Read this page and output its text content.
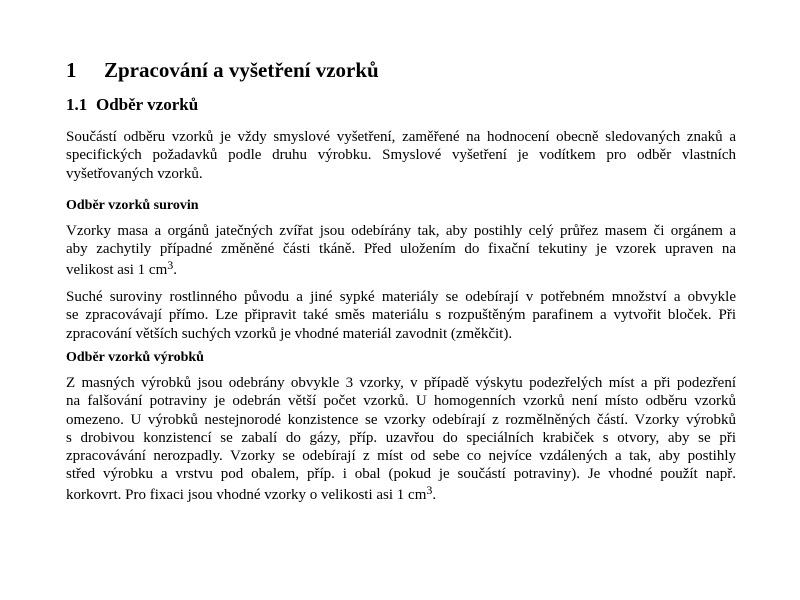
1 Zpracování a vyšetření vzorků
1.1 Odběr vzorků
Součástí odběru vzorků je vždy smyslové vyšetření, zaměřené na hodnocení obecně sledovaných znaků a
specifických požadavků podle druhu výrobku. Smyslové vyšetření je vodítkem pro odběr vlastních
vyšetřovaných vzorků.
Odběr vzorků surovin
Vzorky masa a orgánů jatečných zvířat jsou odebírány tak, aby postihly celý průřez masem či orgánem a
aby zachytily případné změněné části tkáně. Před uložením do fixační tekutiny je vzorek upraven na
velikost asi 1 $cm^3$.
Suché suroviny rostlinného původu a jiné sypké materiály se odebírají v potřebném množství a obvykle
se zpracovávají přímo. Lze připravit také směs materiálu s rozpuštěným parafinem a vytvořit bloček. Při
zpracování větších suchých vzorků je vhodné materiál zavodnit (změkčit).
Odběr vzorků výrobků
Z masných výrobků jsou odebrány obvykle 3 vzorky, v případě výskytu podezřelých míst a při podezření
na falšování potraviny je odebrán větší počet vzorků. U homogenních vzorků není místo odběru vzorků
omezeno. U výrobků nestejnorodé konzistence se vzorky odebírají z rozmělněných částí. Vzorky výrobků
s drobivou konzistencí se zabalí do gázy, příp. uzavřou do speciálních krabiček s otvory, aby se při
zpracovávání nerozpadly. Vzorky se odebírají z míst od sebe co nejvíce vzdálených a tak, aby postihly
střed výrobku a vrstvu pod obalem, příp. i obal (pokud je součástí potraviny). Je vhodné použít např.
korkovrt. Pro fixaci jsou vhodné vzorky o velikosti asi 1 $cm^3$.
